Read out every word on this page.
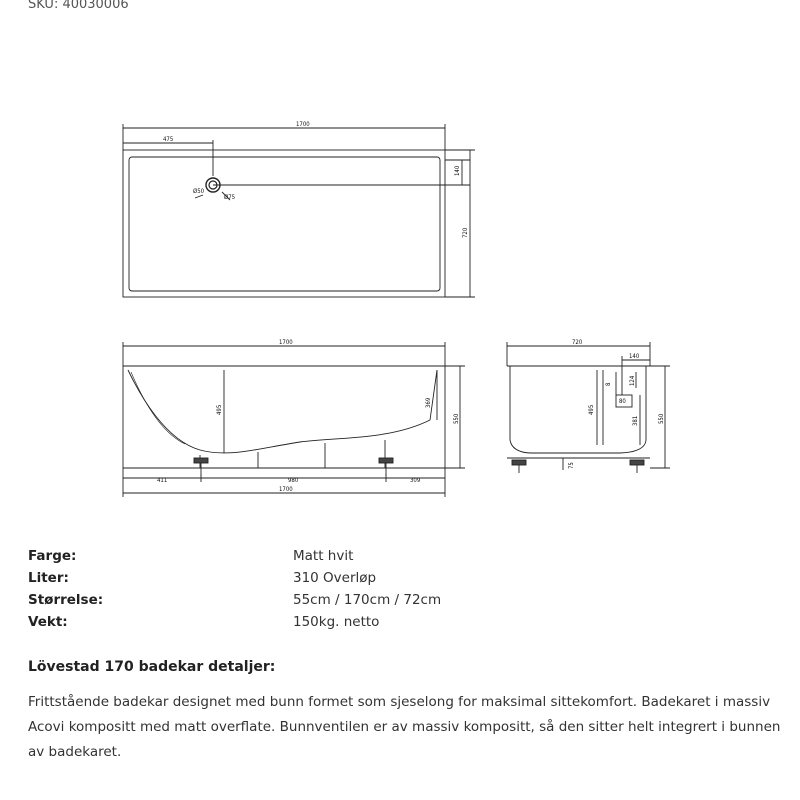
SKU: 40030006
1700
475
140
720
Ø50
Ø75
1700
495
369
550
411	980	309
1700
720
140
8	124
80
495
381	550
75
Farge:	Matt hvit
Liter:	310 Overløp
Størrelse:	55cm / 170cm / 72cm
Vekt:	150kg. netto
Lövestad 170 badekar detaljer:
Frittstående badekar designet med bunn formet som sjeselong for maksimal sittekomfort. Badekaret i massiv Acovi kompositt med matt overflate. Bunnventilen er av massiv kompositt, så den sitter helt integrert i bunnen av badekaret.
